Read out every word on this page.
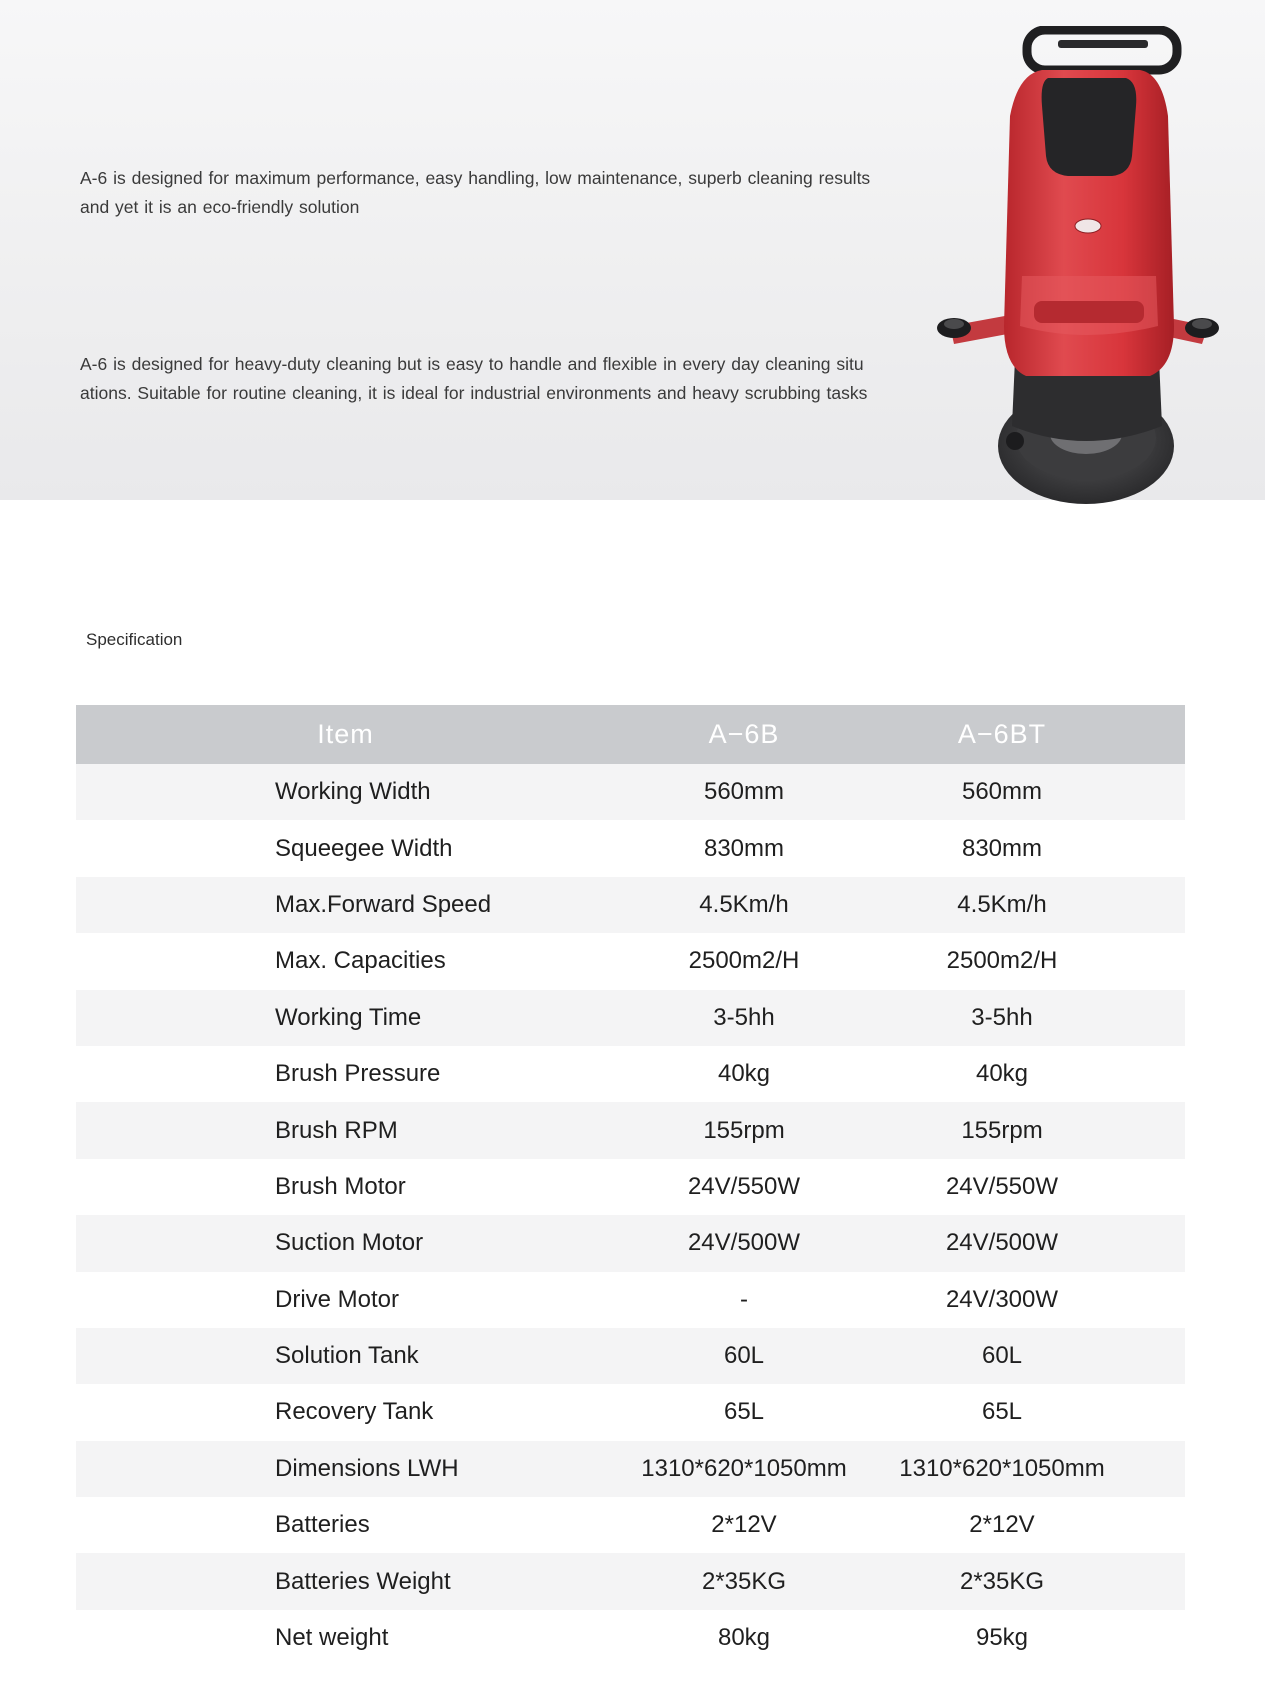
A-6 is designed for maximum performance, easy handling, low maintenance, superb cleaning results and yet it is an eco-friendly solution
A-6 is designed for heavy-duty cleaning but is easy to handle and flexible in every day cleaning situ ations. Suitable for routine cleaning, it is ideal for industrial environments and heavy scrubbing tasks
Specification
Item	A−6B	A−6BT	
Working Width	560mm	560mm	
Squeegee Width	830mm	830mm	
Max.Forward Speed	4.5Km/h	4.5Km/h	
Max. Capacities	2500m2/H	2500m2/H	
Working Time	3-5hh	3-5hh	
Brush Pressure	40kg	40kg	
Brush RPM	155rpm	155rpm	
Brush Motor	24V/550W	24V/550W	
Suction Motor	24V/500W	24V/500W	
Drive Motor	-	24V/300W	
Solution Tank	60L	60L	
Recovery Tank	65L	65L	
Dimensions LWH	1310*620*1050mm	1310*620*1050mm	
Batteries	2*12V	2*12V	
Batteries Weight	2*35KG	2*35KG	
Net weight	80kg	95kg	
